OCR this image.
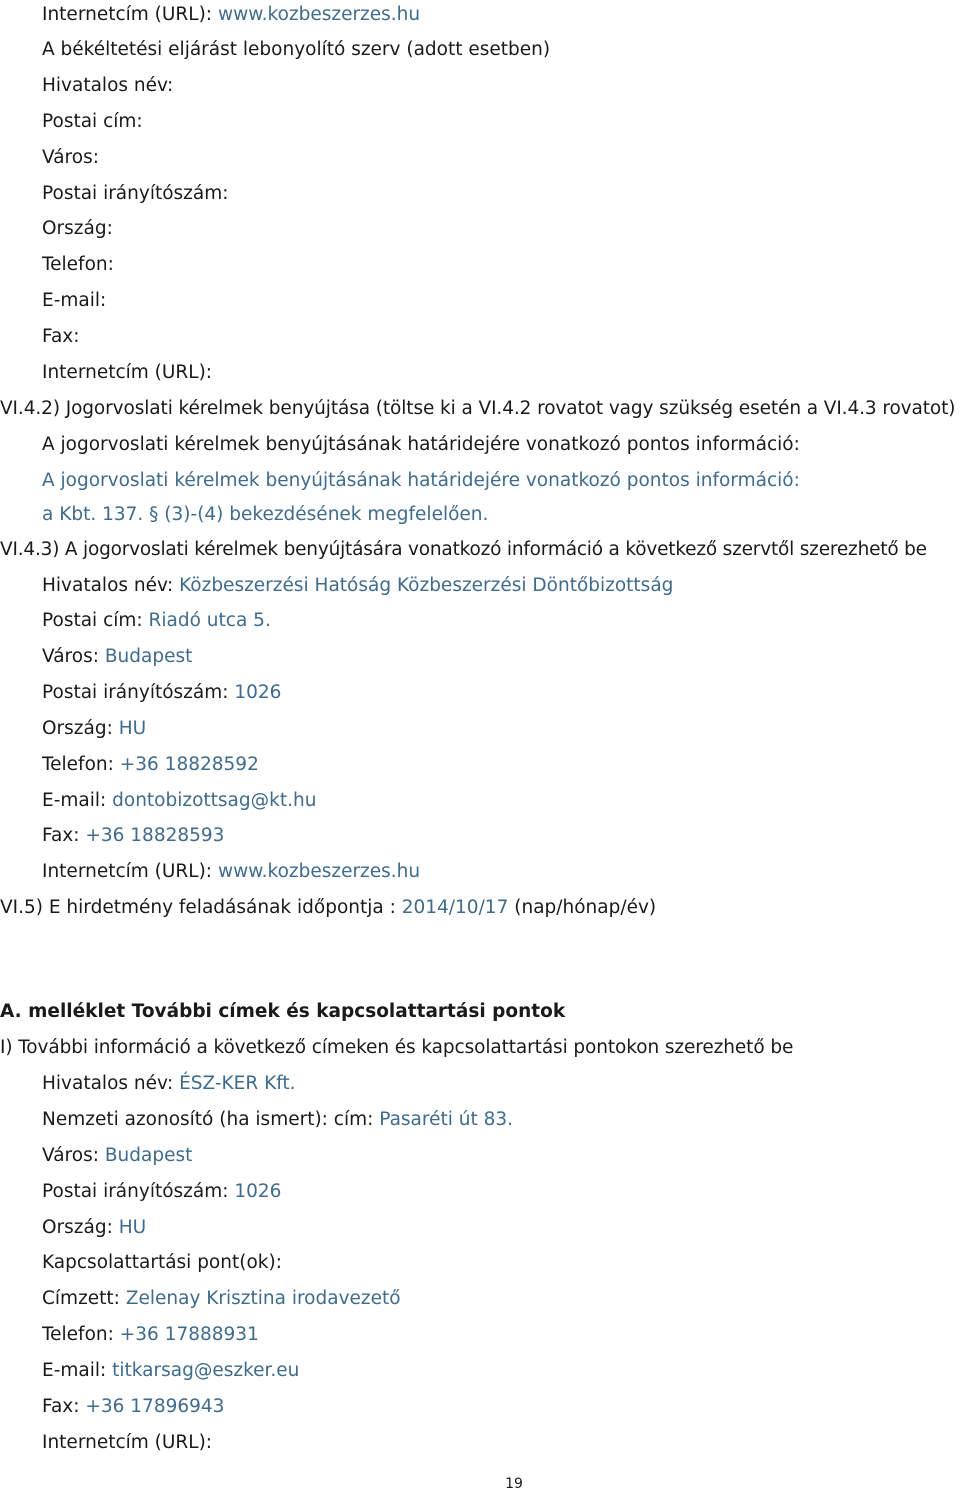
Internetcím (URL): www.kozbeszerzes.hu
A békéltetési eljárást lebonyolító szerv (adott esetben)
Hivatalos név:
Postai cím:
Város:
Postai irányítószám:
Ország:
Telefon:
E-mail:
Fax:
Internetcím (URL):
VI.4.2) Jogorvoslati kérelmek benyújtása (töltse ki a VI.4.2 rovatot vagy szükség esetén a VI.4.3 rovatot)
A jogorvoslati kérelmek benyújtásának határidejére vonatkozó pontos információ:
A jogorvoslati kérelmek benyújtásának határidejére vonatkozó pontos információ:
a Kbt. 137. § (3)-(4) bekezdésének megfelelően.
VI.4.3) A jogorvoslati kérelmek benyújtására vonatkozó információ a következő szervtől szerezhető be
Hivatalos név: Közbeszerzési Hatóság Közbeszerzési Döntőbizottság
Postai cím: Riadó utca 5.
Város: Budapest
Postai irányítószám: 1026
Ország: HU
Telefon: +36 18828592
E-mail: dontobizottsag@kt.hu
Fax: +36 18828593
Internetcím (URL): www.kozbeszerzes.hu
VI.5) E hirdetmény feladásának időpontja : 2014/10/17 (nap/hónap/év)
A. melléklet További címek és kapcsolattartási pontok
I) További információ a következő címeken és kapcsolattartási pontokon szerezhető be
Hivatalos név: ÉSZ-KER Kft.
Nemzeti azonosító (ha ismert): cím: Pasaréti út 83.
Város: Budapest
Postai irányítószám: 1026
Ország: HU
Kapcsolattartási pont(ok):
Címzett: Zelenay Krisztina irodavezető
Telefon: +36 17888931
E-mail: titkarsag@eszker.eu
Fax: +36 17896943
Internetcím (URL):
19
